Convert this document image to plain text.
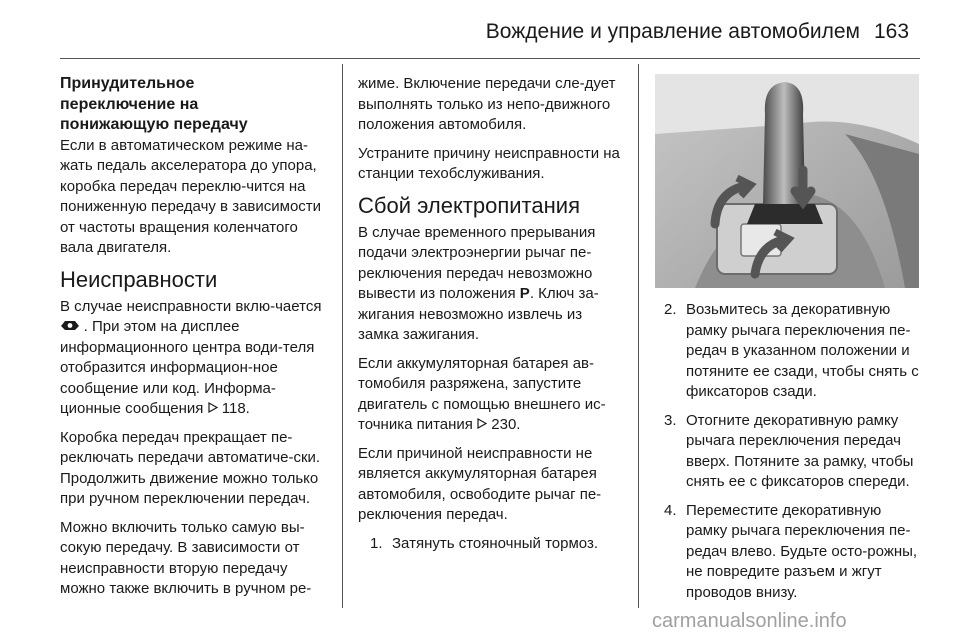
Вождение и управление автомобилем 163
Принудительное
переключение на
понижающую передачу

Если в автоматическом режиме на-жать педаль акселератора до упора, коробка передач переклю-чится на пониженную передачу в зависимости от частоты вращения коленчатого вала двигателя.

Неисправности

В случае неисправности вклю-чается  . При этом на дисплее информационного центра води-теля отобразится информацион-ное сообщение или код. Информа-ционные сообщения 118.

Коробка передач прекращает пе-реключать передачи автоматиче-ски. Продолжить движение можно только при ручном переключении передач.

Можно включить только самую вы-сокую передачу. В зависимости от неисправности вторую передачу можно также включить в ручном ре-

жиме. Включение передачи сле-дует выполнять только из непо-движного положения автомобиля.

Устраните причину неисправности на станции техобслуживания.

Сбой электропитания

В случае временного прерывания подачи электроэнергии рычаг пе-реключения передач невозможно вывести из положения P. Ключ за-жигания невозможно извлечь из замка зажигания.

Если аккумуляторная батарея ав-томобиля разряжена, запустите двигатель с помощью внешнего ис-точника питания 230.

Если причиной неисправности не является аккумуляторная батарея автомобиля, освободите рычаг пе-реключения передач.

1. Затянуть стояночный тормоз.
2. Возьмитесь за декоративную рамку рычага переключения пе-редач в указанном положении и потяните ее сзади, чтобы снять с фиксаторов сзади.
3. Отогните декоративную рамку рычага переключения передач вверх. Потяните за рамку, чтобы снять ее с фиксаторов спереди.
4. Переместите декоративную рамку рычага переключения пе-редач влево. Будьте осто-рожны, не повредите разъем и жгут проводов внизу.
carmanualsonline.info
